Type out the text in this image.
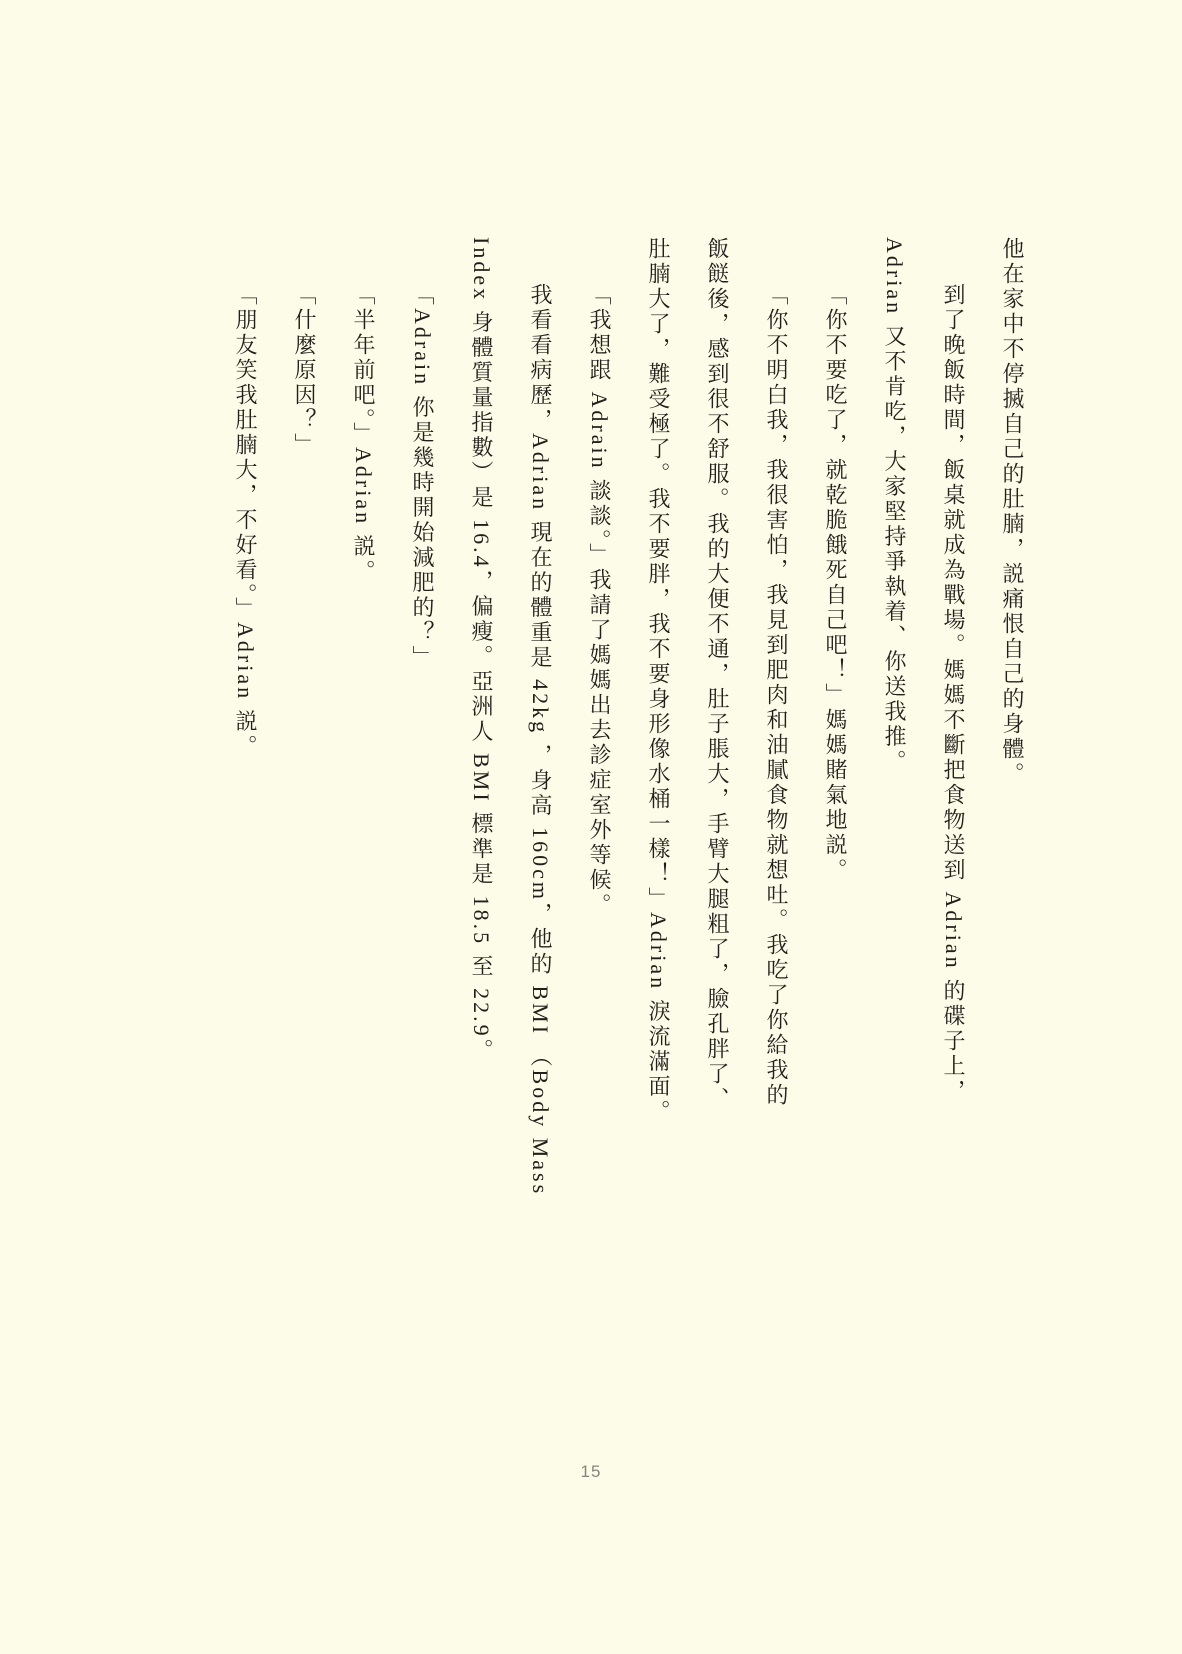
他在家中不停搣自己的肚腩，説痛恨自己的身體。
到了晚飯時間，飯桌就成為戰場。媽媽不斷把食物送到 Adrian 的碟子上，
Adrian 又不肯吃，大家堅持爭執着、你送我推。
「你不要吃了，就乾脆餓死自己吧！」媽媽賭氣地説。
「你不明白我，我很害怕，我見到肥肉和油膩食物就想吐。我吃了你給我的
飯餸後，感到很不舒服。我的大便不通，肚子脹大，手臂大腿粗了，臉孔胖了、
肚腩大了，難受極了。我不要胖，我不要身形像水桶一樣！」Adrian 淚流滿面。
「我想跟 Adrain 談談。」我請了媽媽出去診症室外等候。
我看看病歷，Adrian 現在的體重是 42kg ，身高 160cm，他的 BMI （Body Mass
Index 身體質量指數）是 16.4，偏瘦。亞洲人 BMI 標準是 18.5 至 22.9。
「Adrain 你是幾時開始減肥的？」
「半年前吧。」Adrian 説。
「什麼原因？」
「朋友笑我肚腩大，不好看。」Adrian 説。
15
